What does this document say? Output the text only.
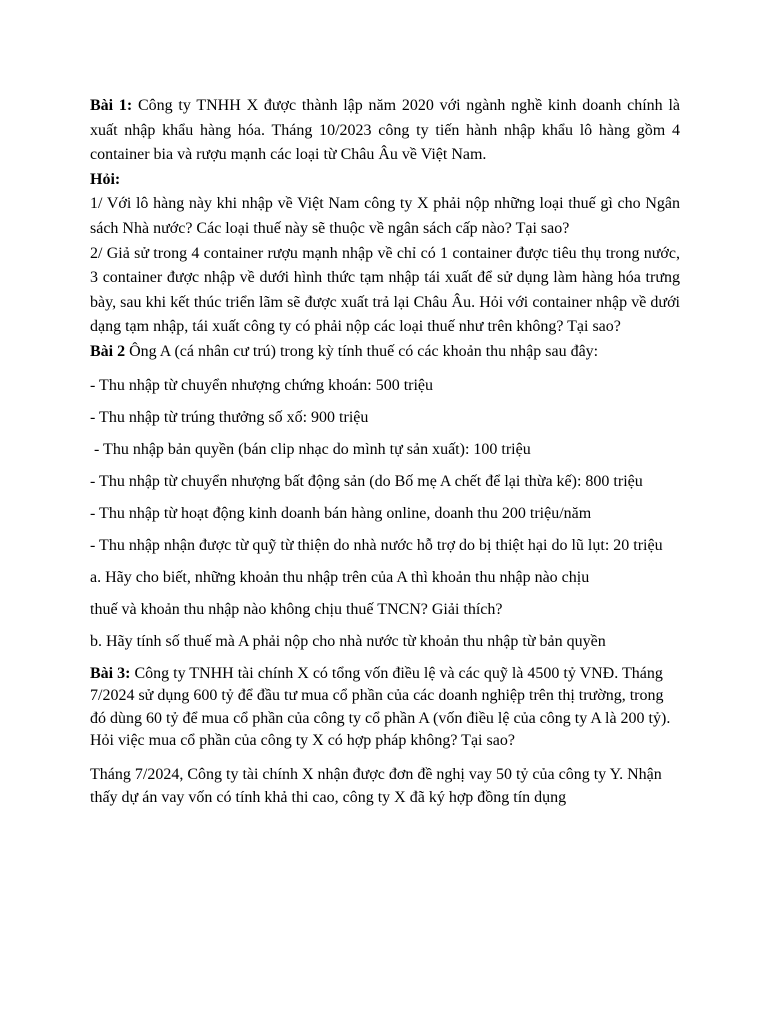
Bài 1: Công ty TNHH X được thành lập năm 2020 với ngành nghề kinh doanh chính là xuất nhập khẩu hàng hóa. Tháng 10/2023 công ty tiến hành nhập khẩu lô hàng gồm 4 container bia và rượu mạnh các loại từ Châu Âu về Việt Nam.

Hỏi:

1/ Với lô hàng này khi nhập về Việt Nam công ty X phải nộp những loại thuế gì cho Ngân sách Nhà nước? Các loại thuế này sẽ thuộc về ngân sách cấp nào? Tại sao?

2/ Giả sử trong 4 container rượu mạnh nhập về chỉ có 1 container được tiêu thụ trong nước, 3 container được nhập về dưới hình thức tạm nhập tái xuất để sử dụng làm hàng hóa trưng bày, sau khi kết thúc triển lãm sẽ được xuất trả lại Châu Âu. Hỏi với container nhập về dưới dạng tạm nhập, tái xuất công ty có phải nộp các loại thuế như trên không? Tại sao?

Bài 2 Ông A (cá nhân cư trú) trong kỳ tính thuế có các khoản thu nhập sau đây:

- Thu nhập từ chuyển nhượng chứng khoán: 500 triệu

- Thu nhập từ trúng thưởng số xố: 900 triệu

- Thu nhập bản quyền (bán clip nhạc do mình tự sản xuất): 100 triệu

- Thu nhập từ chuyển nhượng bất động sản (do Bố mẹ A chết để lại thừa kế): 800 triệu

- Thu nhập từ hoạt động kinh doanh bán hàng online, doanh thu 200 triệu/năm

- Thu nhập nhận được từ quỹ từ thiện do nhà nước hỗ trợ do bị thiệt hại do lũ lụt: 20 triệu

a. Hãy cho biết, những khoản thu nhập trên của A thì khoản thu nhập nào chịu

thuế và khoản thu nhập nào không chịu thuế TNCN? Giải thích?

b. Hãy tính số thuế mà A phải nộp cho nhà nước từ khoản thu nhập từ bản quyền

Bài 3: Công ty TNHH tài chính X có tổng vốn điều lệ và các quỹ là 4500 tỷ VNĐ. Tháng 7/2024 sử dụng 600 tỷ để đầu tư mua cổ phần của các doanh nghiệp trên thị trường, trong đó dùng 60 tỷ để mua cổ phần của công ty cổ phần A (vốn điều lệ của công ty A là 200 tỷ). Hỏi việc mua cổ phần của công ty X có hợp pháp không? Tại sao?

Tháng 7/2024, Công ty tài chính X nhận được đơn đề nghị vay 50 tỷ của công ty Y. Nhận thấy dự án vay vốn có tính khả thi cao, công ty X đã ký hợp đồng tín dụng
